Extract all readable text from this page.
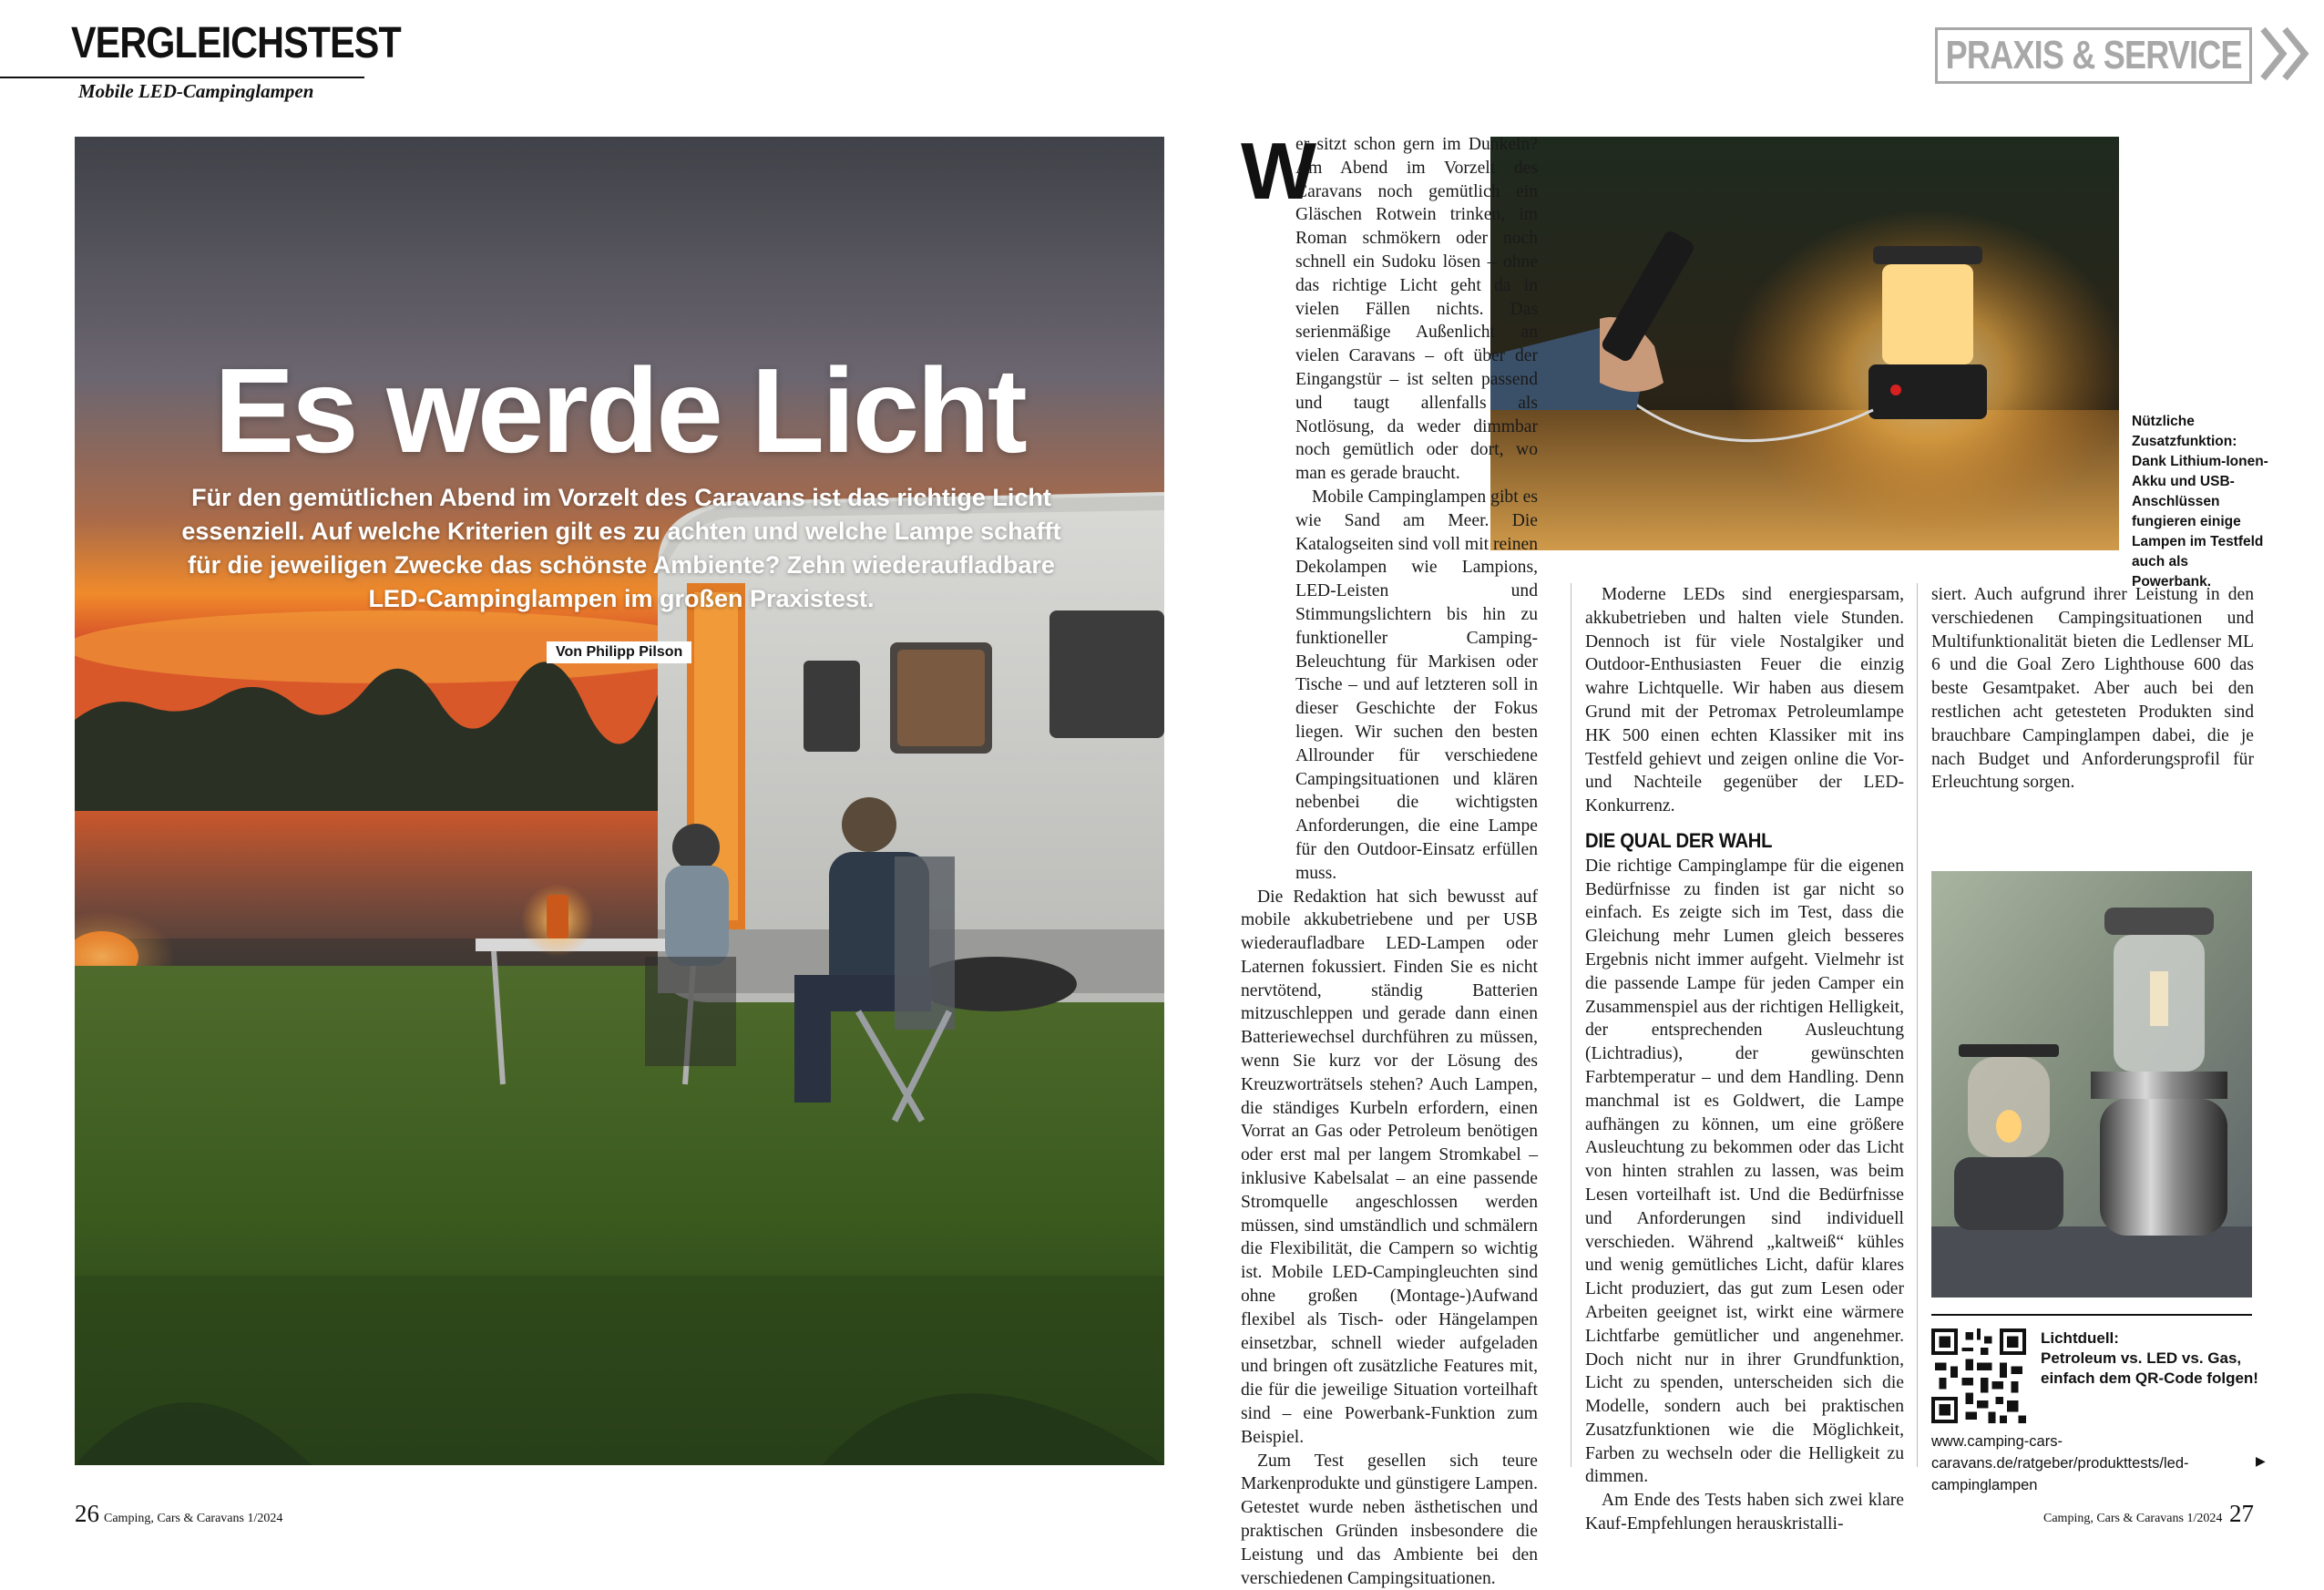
VERGLEICHSTEST
Mobile LED-Campinglampen
PRAXIS & SERVICE
Es werde Licht
Für den gemütlichen Abend im Vorzelt des Caravans ist das richtige Licht essenziell. Auf welche Kriterien gilt es zu achten und welche Lampe schafft für die jeweiligen Zwecke das schönste Ambiente? Zehn wiederaufladbare LED-Campinglampen im großen Praxistest.
Von Philipp Pilson
Nützliche Zusatzfunktion: Dank Lithium-Ionen-Akku und USB-Anschlüssen fungieren einige Lampen im Testfeld auch als Powerbank.
W

er sitzt schon gern im Dunkeln? Am Abend im Vorzelt des Caravans noch gemütlich ein Gläschen Rotwein trinken, im Roman schmökern oder noch schnell ein Sudoku lösen – ohne das richtige Licht geht da in vielen Fällen nichts. Das serienmäßige Außenlicht an vielen Caravans – oft über der Eingangstür – ist selten passend und taugt allenfalls als Notlösung, da weder dimmbar noch gemütlich oder dort, wo man es gerade braucht.

Mobile Campinglampen gibt es wie Sand am Meer. Die Katalogseiten sind voll mit reinen Dekolampen wie Lampions, LED-Leisten und Stimmungslichtern bis hin zu funktioneller Camping-Beleuchtung für Markisen oder Tische – und auf letzteren soll in dieser Geschichte der Fokus liegen. Wir suchen den besten Allrounder für verschiedene Campingsituationen und klären nebenbei die wichtigsten Anforderungen, die eine Lampe für den Outdoor-Einsatz erfüllen muss.

Die Redaktion hat sich bewusst auf mobile akkubetriebene und per USB wiederaufladbare LED-Lampen oder Laternen fokussiert. Finden Sie es nicht nervtötend, ständig Batterien mitzuschleppen und gerade dann einen Batteriewechsel durchführen zu müssen, wenn Sie kurz vor der Lösung des Kreuzworträtsels stehen? Auch Lampen, die ständiges Kurbeln erfordern, einen Vorrat an Gas oder Petroleum benötigen oder erst mal per langem Stromkabel – inklusive Kabelsalat – an eine passende Stromquelle angeschlossen werden müssen, sind umständlich und schmälern die Flexibilität, die Campern so wichtig ist. Mobile LED-Campingleuchten sind ohne großen (Montage-)Aufwand flexibel als Tisch- oder Hängelampen einsetzbar, schnell wieder aufgeladen und bringen oft zusätzliche Features mit, die für die jeweilige Situation vorteilhaft sind – eine Powerbank-Funktion zum Beispiel.

Zum Test gesellen sich teure Markenprodukte und günstigere Lampen. Getestet wurde neben ästhetischen und praktischen Gründen insbesondere die Leistung und das Ambiente bei den verschiedenen Campingsituationen.

Moderne LEDs sind energiesparsam, akkubetrieben und halten viele Stunden. Dennoch ist für viele Nostalgiker und Outdoor-Enthusiasten Feuer die einzig wahre Lichtquelle. Wir haben aus diesem Grund mit der Petromax Petroleumlampe HK 500 einen echten Klassiker mit ins Testfeld gehievt und zeigen online die Vor- und Nachteile gegenüber der LED-Konkurrenz.

DIE QUAL DER WAHL

Die richtige Campinglampe für die eigenen Bedürfnisse zu finden ist gar nicht so einfach. Es zeigte sich im Test, dass die Gleichung mehr Lumen gleich besseres Ergebnis nicht immer aufgeht. Vielmehr ist die passende Lampe für jeden Camper ein Zusammenspiel aus der richtigen Helligkeit, der entsprechenden Ausleuchtung (Lichtradius), der gewünschten Farbtemperatur – und dem Handling. Denn manchmal ist es Goldwert, die Lampe aufhängen zu können, um eine größere Ausleuchtung zu bekommen oder das Licht von hinten strahlen zu lassen, was beim Lesen vorteilhaft ist. Und die Bedürfnisse und Anforderungen sind individuell verschieden. Während „kaltweiß“ kühles und wenig gemütliches Licht, dafür klares Licht produziert, das gut zum Lesen oder Arbeiten geeignet ist, wirkt eine wärmere Lichtfarbe gemütlicher und angenehmer. Doch nicht nur in ihrer Grundfunktion, Licht zu spenden, unterscheiden sich die Modelle, sondern auch bei praktischen Zusatzfunktionen wie die Möglichkeit, Farben zu wechseln oder die Helligkeit zu dimmen.

Am Ende des Tests haben sich zwei klare Kauf-Empfehlungen herauskristalli-

siert. Auch aufgrund ihrer Leistung in den verschiedenen Campingsituationen und Multifunktionalität bieten die Ledlenser ML 6 und die Goal Zero Lighthouse 600 das beste Gesamtpaket. Aber auch bei den restlichen acht getesteten Produkten sind brauchbare Campinglampen dabei, die je nach Budget und Anforderungsprofil für Erleuchtung sorgen.

Lichtduell:
Petroleum vs. LED vs. Gas, einfach dem QR-Code folgen!
www.camping-cars-caravans.de/ratgeber/produkttests/led-campinglampen
▶
26 Camping, Cars & Caravans 1/2024	Camping, Cars & Caravans 1/2024 27
